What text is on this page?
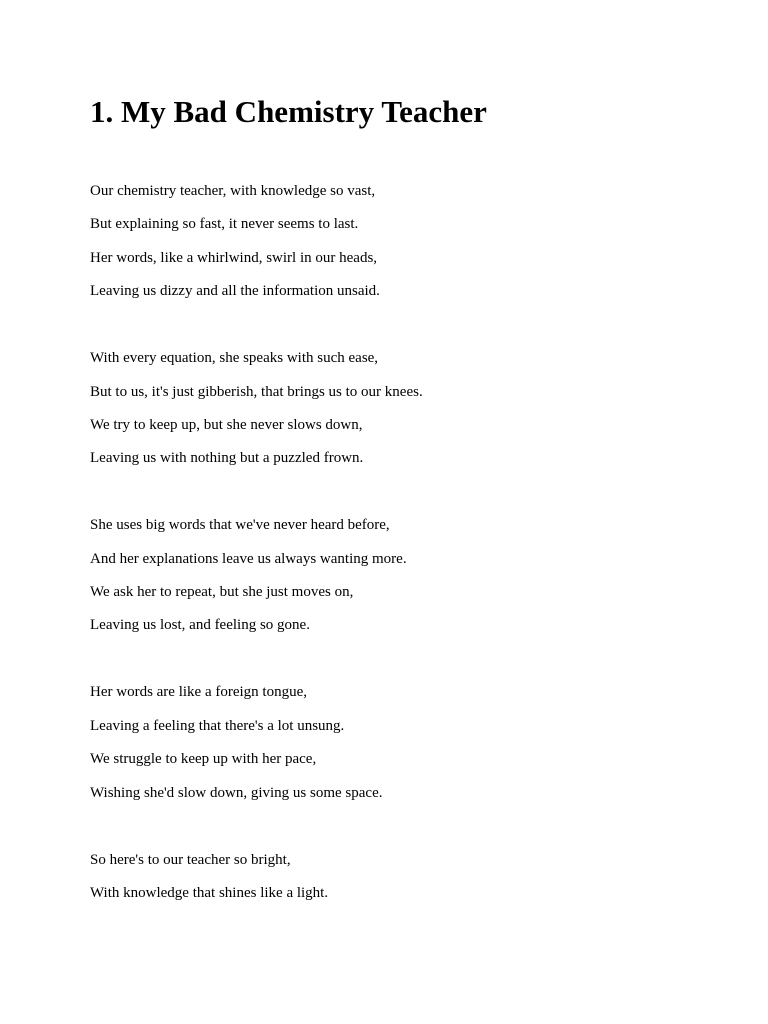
1. My Bad Chemistry Teacher

Our chemistry teacher, with knowledge so vast,

But explaining so fast, it never seems to last.

Her words, like a whirlwind, swirl in our heads,

Leaving us dizzy and all the information unsaid.

With every equation, she speaks with such ease,

But to us, it's just gibberish, that brings us to our knees.

We try to keep up, but she never slows down,

Leaving us with nothing but a puzzled frown.

She uses big words that we've never heard before,

And her explanations leave us always wanting more.

We ask her to repeat, but she just moves on,

Leaving us lost, and feeling so gone.

Her words are like a foreign tongue,

Leaving a feeling that there's a lot unsung.

We struggle to keep up with her pace,

Wishing she'd slow down, giving us some space.

So here's to our teacher so bright,

With knowledge that shines like a light.
